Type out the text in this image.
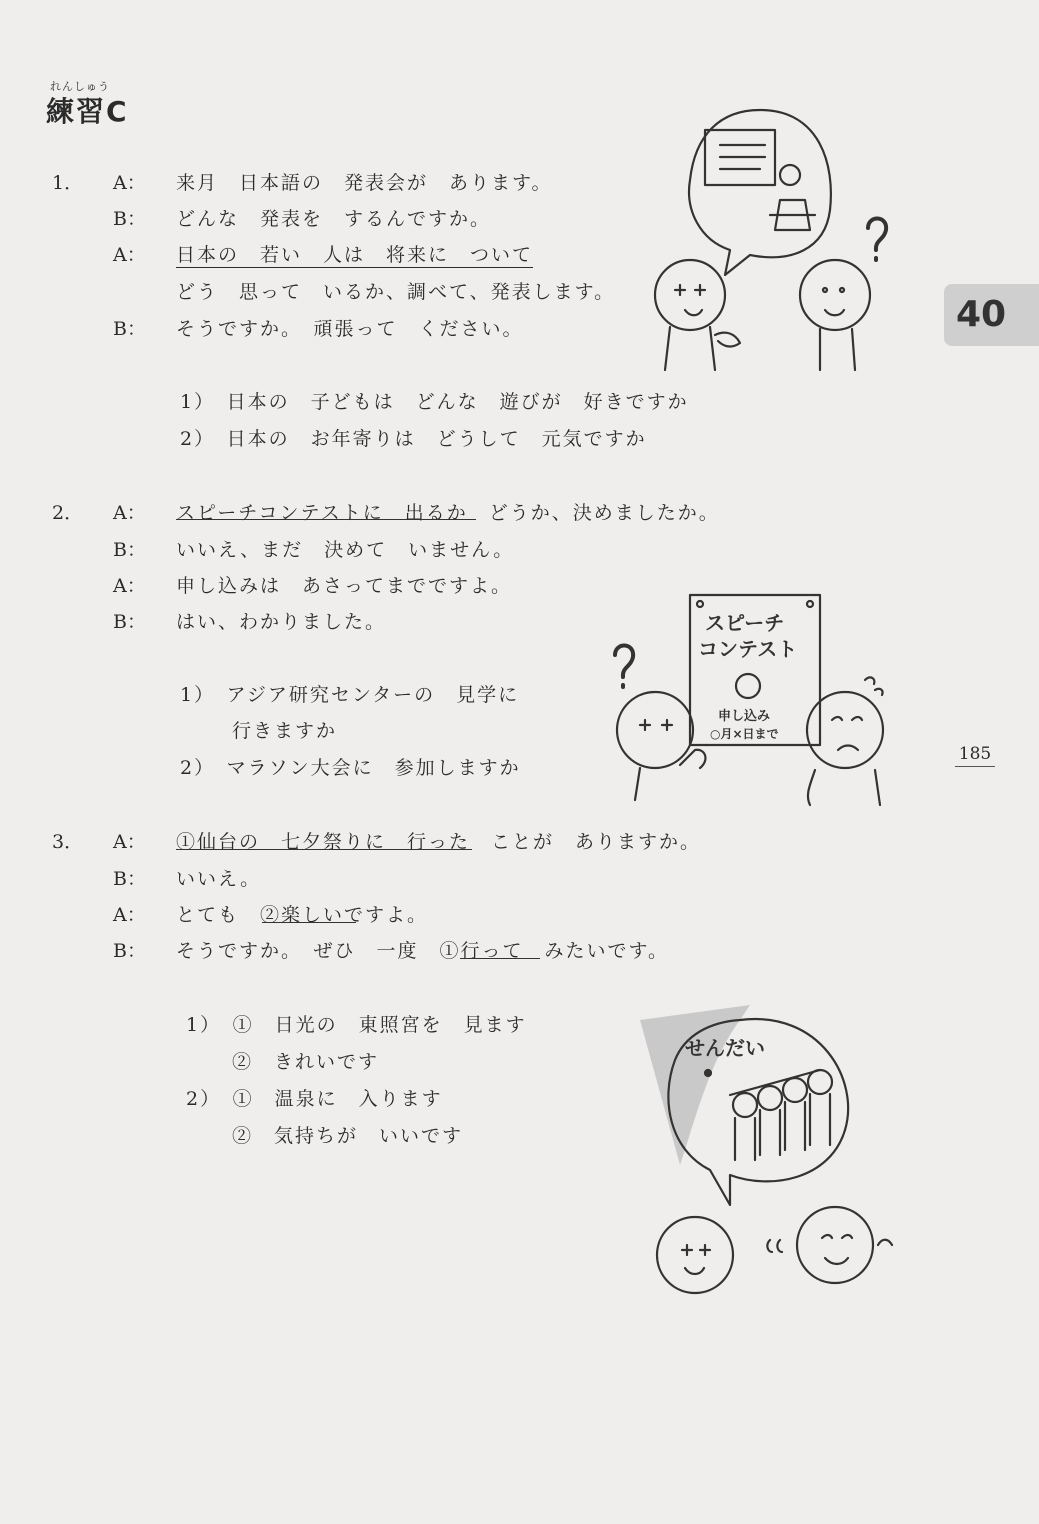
れんしゅう
練習C
40
185
1． A： 来月　日本語の　発表会が　あります。
B： どんな　発表を　するんですか。
A： 日本の　若い　人は　将来に　ついて
どう　思って　いるか、調べて、発表します。
B： そうですか。　頑張って　ください。
1）　日本の　子どもは　どんな　遊びが　好きですか
2）　日本の　お年寄りは　どうして　元気ですか
2． A： スピーチコンテストに　出るか　どうか、決めましたか。
B： いいえ、まだ　決めて　いません。
A： 申し込みは　あさってまでですよ。
B： はい、わかりました。
1）　アジア研究センターの　見学に
行きますか
2）　マラソン大会に　参加しますか
スピーチ
コンテスト
申し込み
○月×日まで
3． A： ①仙台の　七夕祭りに　行った　ことが　ありますか。
B： いいえ。
A： とても　②楽しいですよ。
B： そうですか。　ぜひ　一度　①行って　みたいです。
1）　①　日光の　東照宮を　見ます
②　きれいです
2）　①　温泉に　入ります
②　気持ちが　いいです
せんだい
